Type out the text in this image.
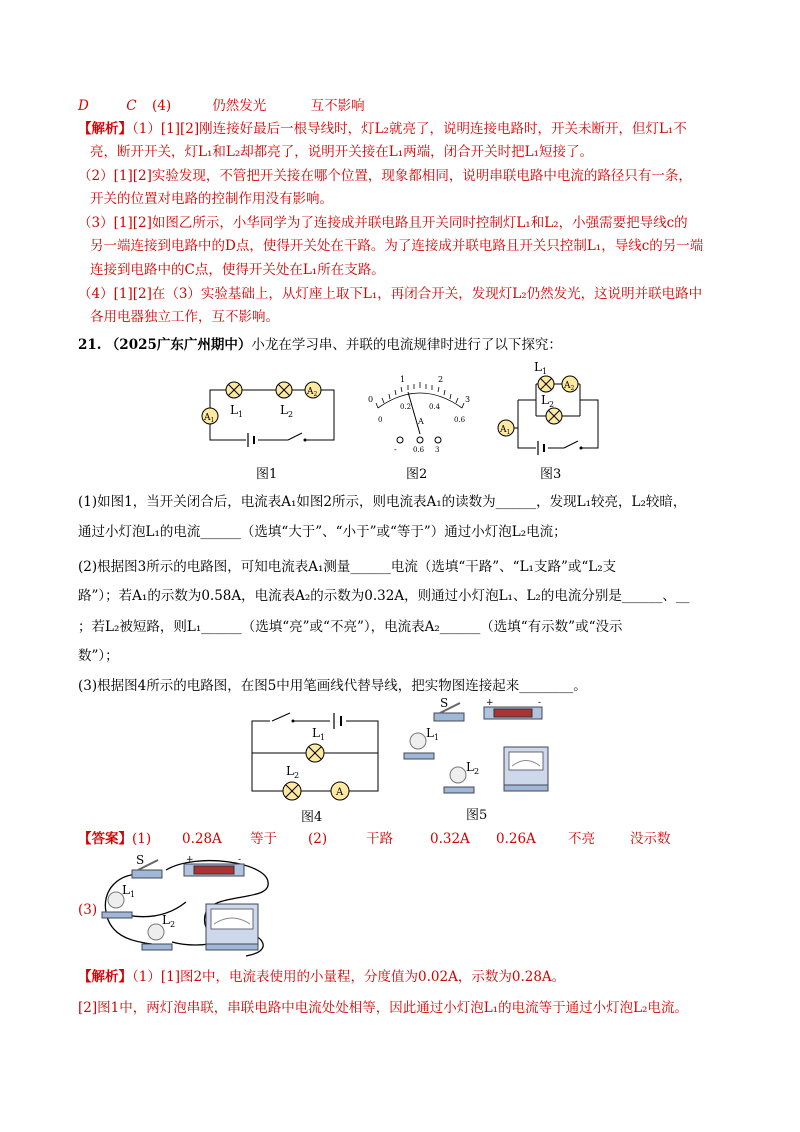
D	C	(4)	仍然发光	互不影响
【解析】（1）[1][2]刚连接好最后一根导线时，灯L₂就亮了，说明连接电路时，开关未断开，但灯L₁不
亮，断开开关，灯L₁和L₂却都亮了，说明开关接在L₁两端，闭合开关时把L₁短接了。
（2）[1][2]实验发现，不管把开关接在哪个位置，现象都相同，说明串联电路中电流的路径只有一条，
开关的位置对电路的控制作用没有影响。
（3）[1][2]如图乙所示，小华同学为了连接成并联电路且开关同时控制灯L₁和L₂，小强需要把导线c的
另一端连接到电路中的D点，使得开关处在干路。为了连接成并联电路且开关只控制L₁，导线c的另一端
连接到电路中的C点，使得开关处在L₁所在支路。
（4）[1][2]在（3）实验基础上，从灯座上取下L₁，再闭合开关，发现灯L₂仍然发光，这说明并联电路中
各用电器独立工作，互不影响。
21. （2025广东广州期中）小龙在学习串、并联的电流规律时进行了以下探究：
$A_2$
$A_1$
$L_1$	$L_2$
图1
0
1	2
3
0
0.2	0.4
0.6
A
- 0.6 3
图2
$L_1$
$A_2$
$L_2$
$A_1$
图3
(1)如图1，当开关闭合后，电流表A₁如图2所示，则电流表A₁的读数为______，发现L₁较亮，L₂较暗，
通过小灯泡L₁的电流______（选填“大于”、“小于”或“等于”）通过小灯泡L₂电流；
(2)根据图3所示的电路图，可知电流表A₁测量______电流（选填“干路”、“L₁支路”或“L₂支
路”）；若A₁的示数为0.58A，电流表A₂的示数为0.32A，则通过小灯泡L₁、L₂的电流分别是______、__
；若L₂被短路，则L₁______（选填“亮”或“不亮”），电流表A₂______（选填“有示数”或“没示
数”）；
(3)根据图4所示的电路图，在图5中用笔画线代替导线，把实物图连接起来________。
$L_1$
$L_2$
A
图4
S	+	-
$L_1$
$L_2$
图5
【答案】(1) 0.28A 等于 (2)	干路	0.32A 0.26A 不亮	没示数
(3)
S	+	-
$L_1$
$L_2$
【解析】（1）[1]图2中，电流表使用的小量程，分度值为0.02A，示数为0.28A。
[2]图1中，两灯泡串联，串联电路中电流处处相等，因此通过小灯泡L₁的电流等于通过小灯泡L₂电流。
